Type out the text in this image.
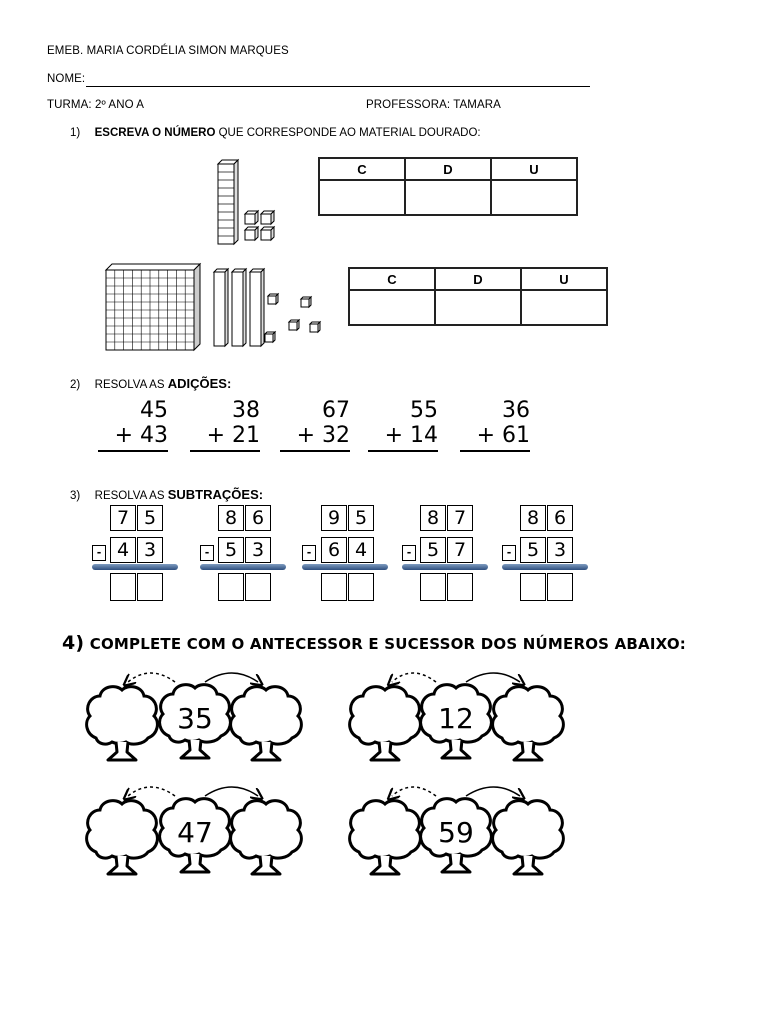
EMEB. MARIA CORDÉLIA SIMON MARQUES
NOME:
TURMA: 2º ANO A	PROFESSORA: TAMARA
1) ESCREVA O NÚMERO QUE CORRESPONDE AO MATERIAL DOURADO:
C	D	U

C	D	U

2) RESOLVA AS ADIÇÕES:
45
+ 43
38
+ 21
67
+ 32
55
+ 14
36
+ 61
3) RESOLVA AS SUBTRAÇÕES:
7 5
- 4 3
8 6
- 5 3
9 5
- 6 4
8 7
- 5 7
8 6
- 5 3
4) COMPLETE COM O ANTECESSOR E SUCESSOR DOS NÚMEROS ABAIXO:
35	12
47	59
